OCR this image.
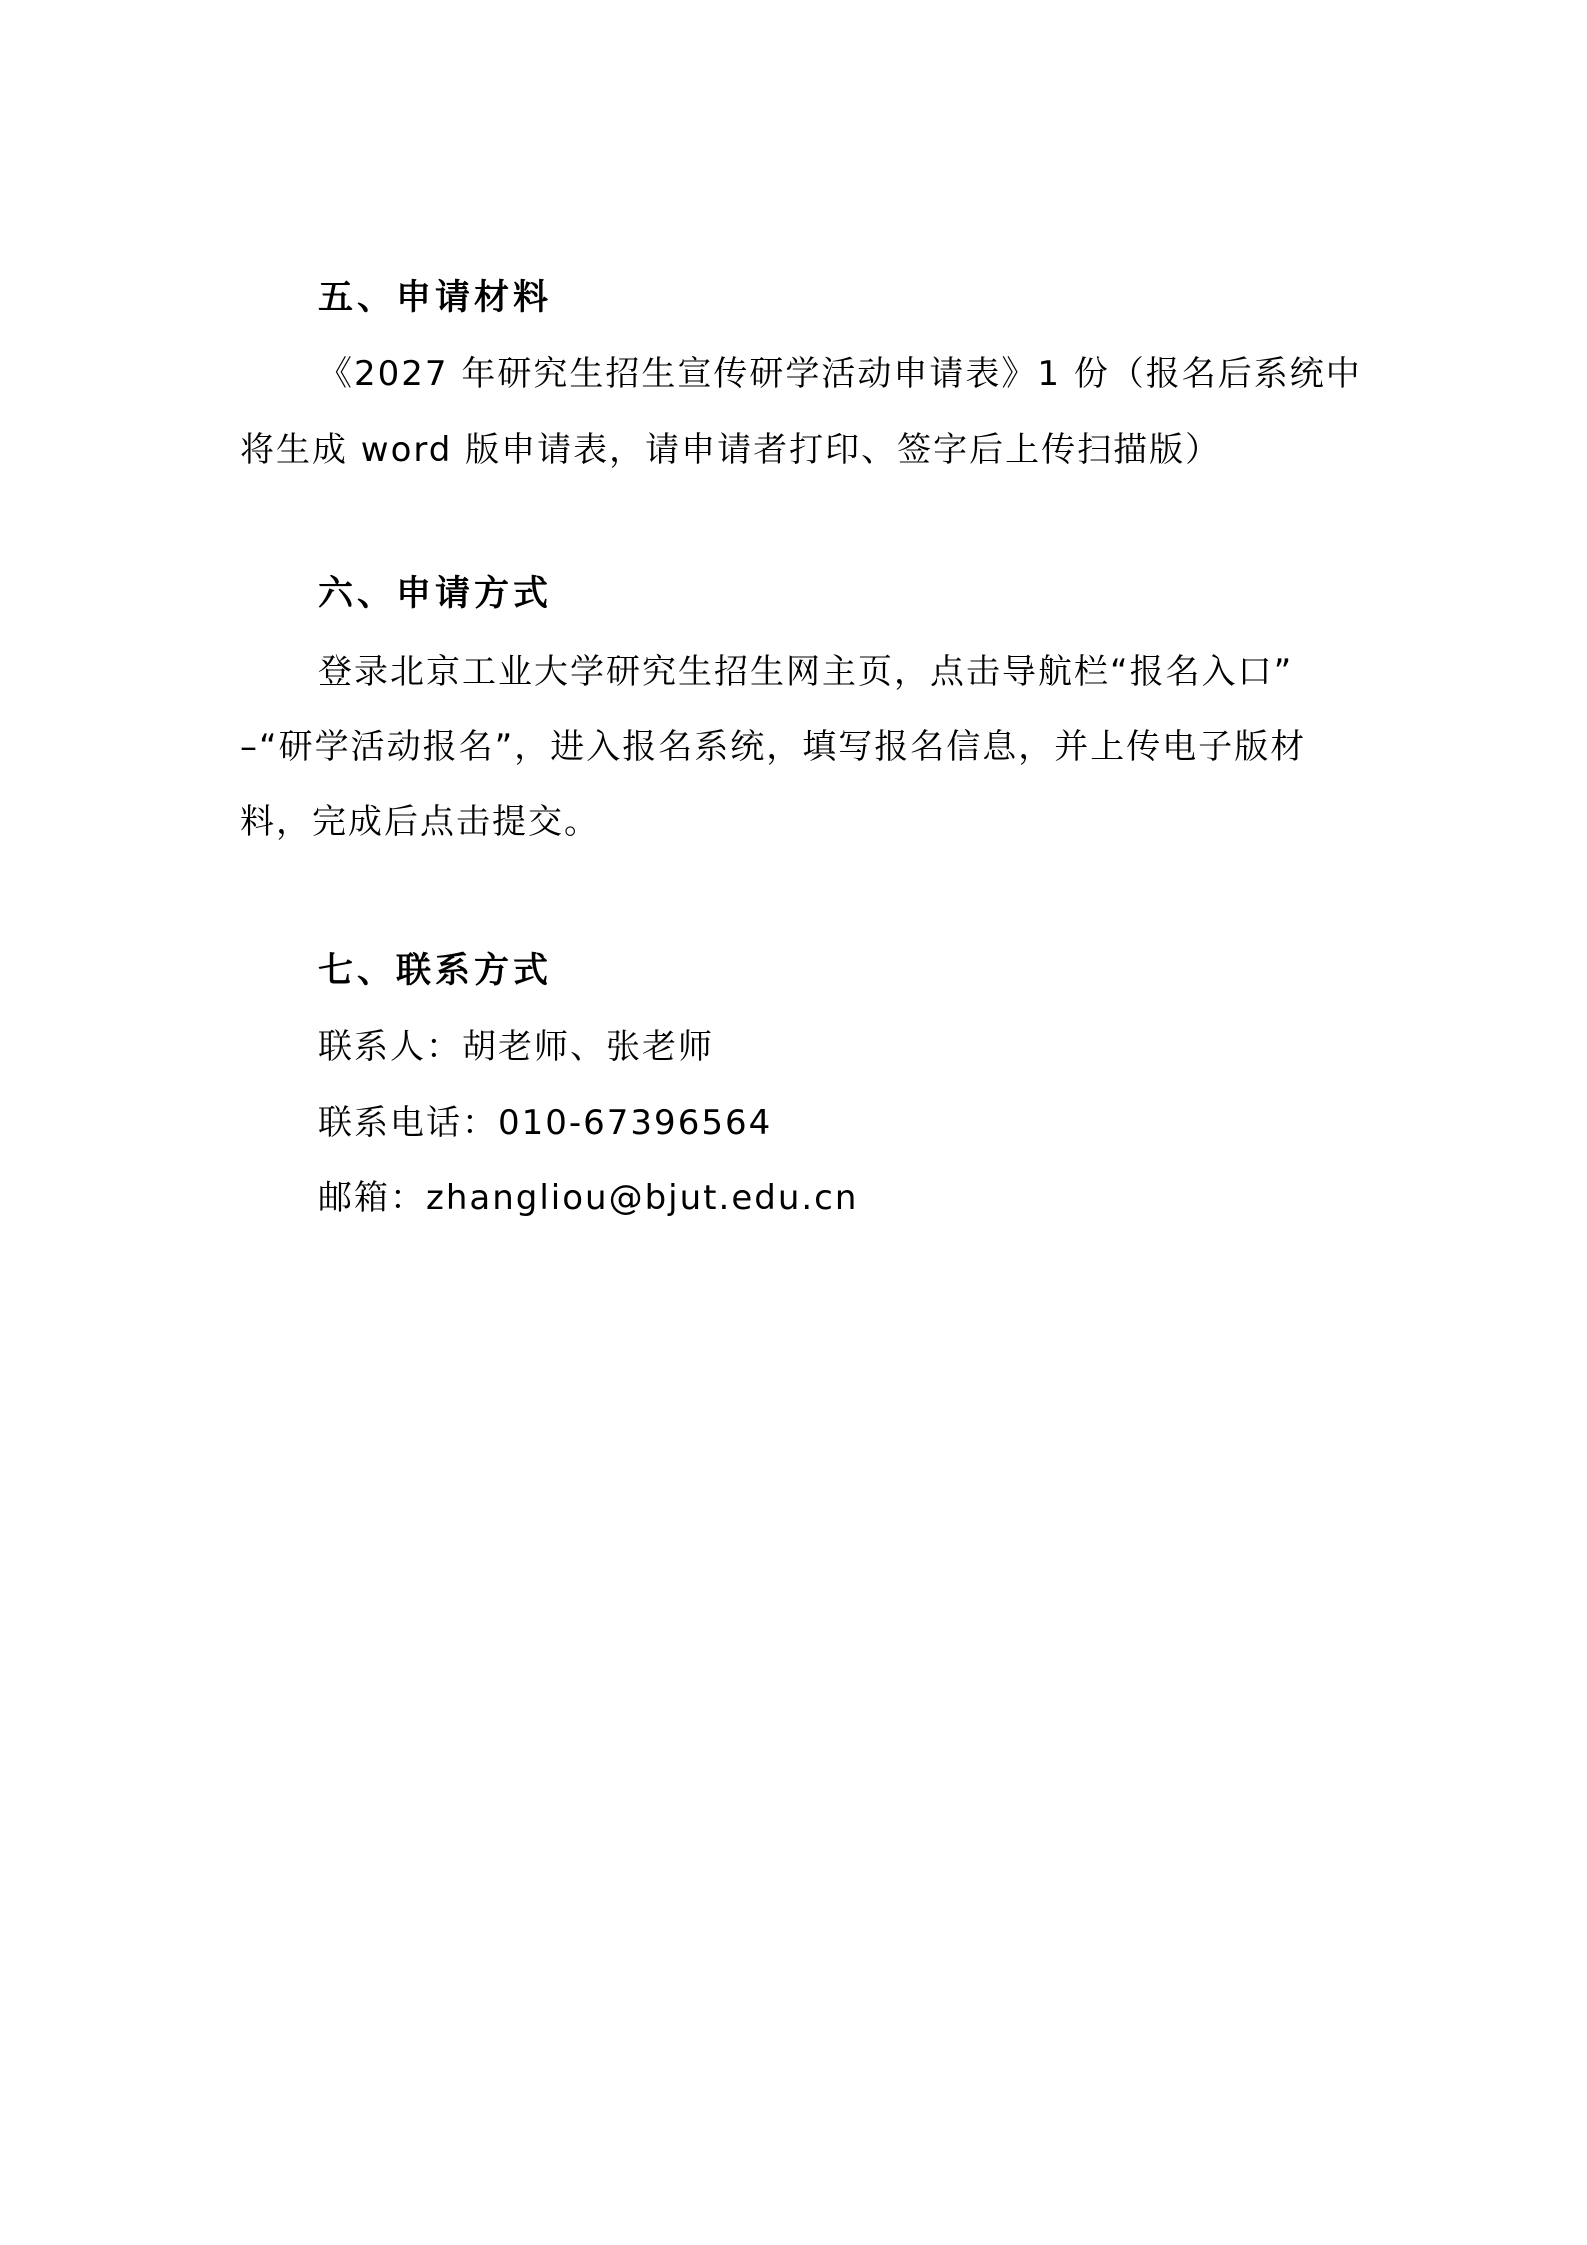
五、申请材料
《2027 年研究生招生宣传研学活动申请表》1 份（报名后系统中
将生成 word 版申请表，请申请者打印、签字后上传扫描版）
六、申请方式
登录北京工业大学研究生招生网主页，点击导航栏“报名入口”
–“研学活动报名”，进入报名系统，填写报名信息，并上传电子版材
料，完成后点击提交。
七、联系方式
联系人：胡老师、张老师
联系电话：010-67396564
邮箱：zhangliou@bjut.edu.cn
